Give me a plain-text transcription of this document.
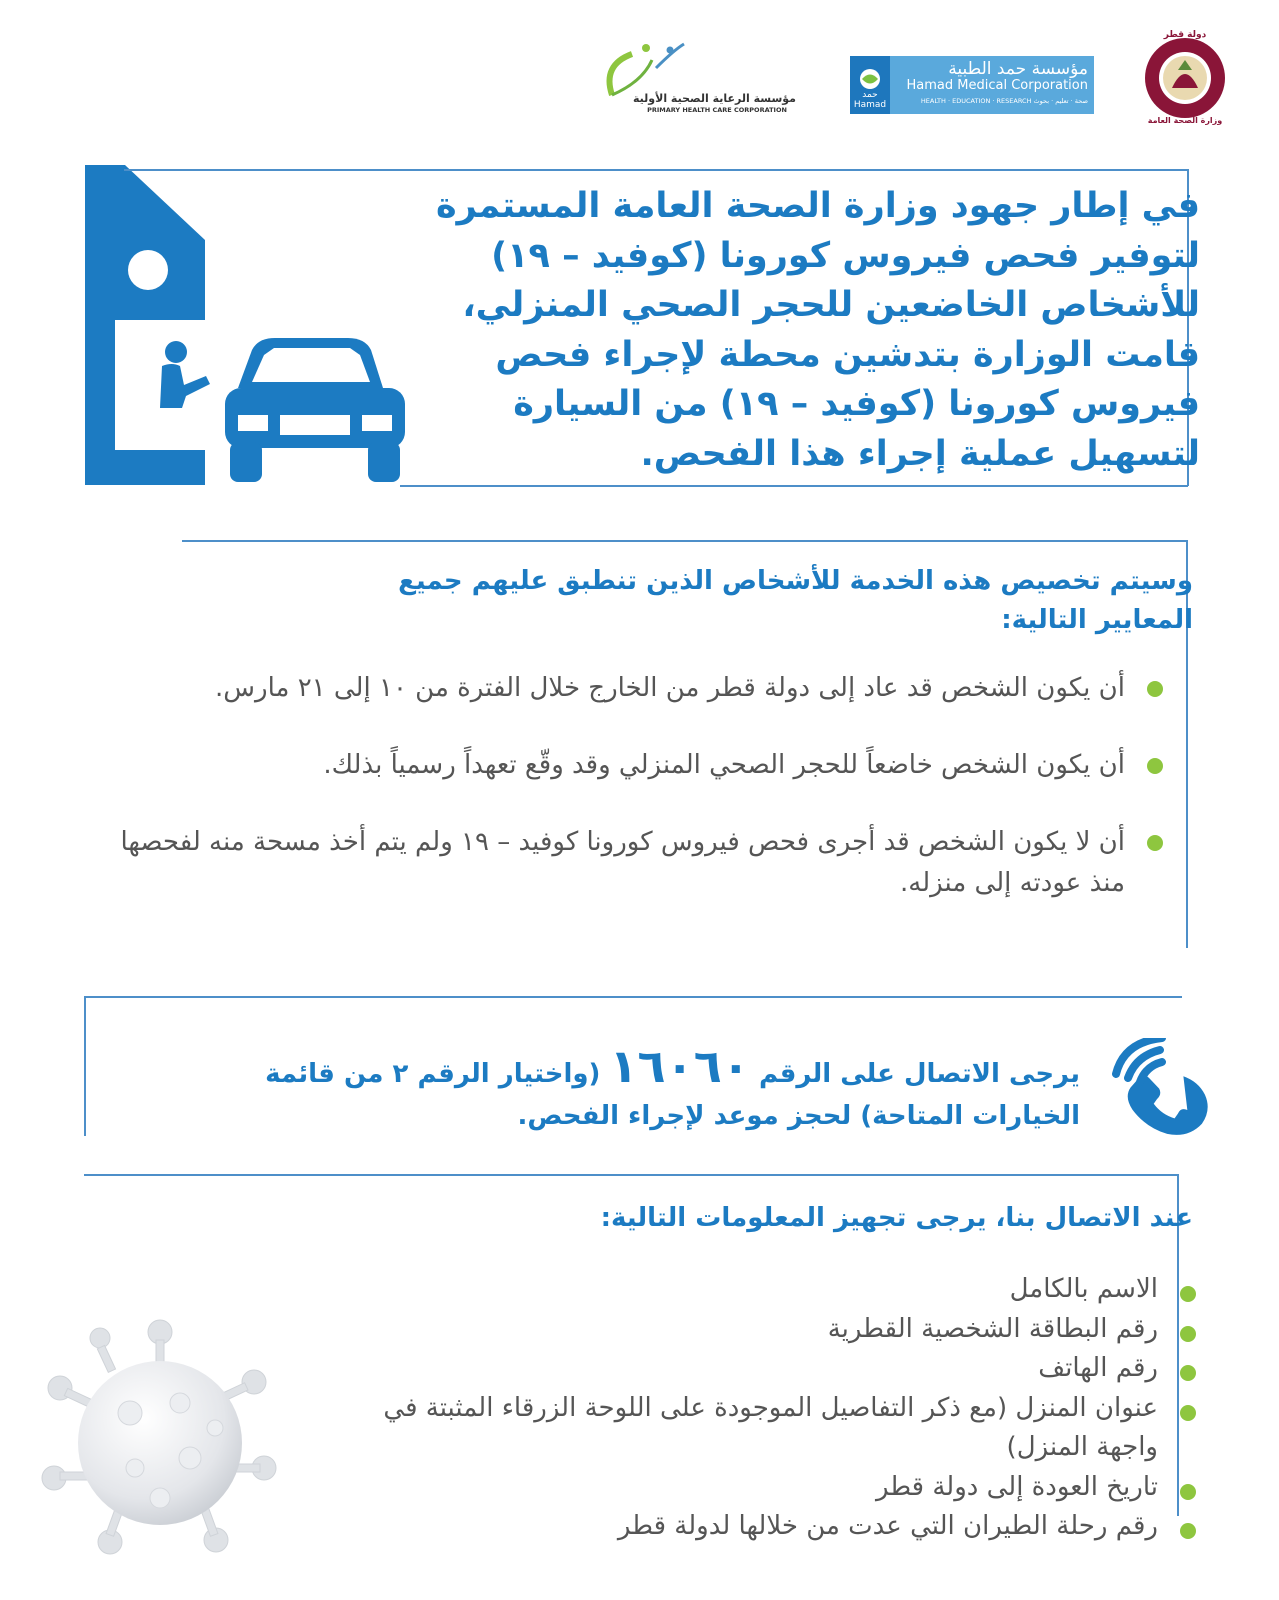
دولة قطر
وزارة الصحة العامة
حمد
Hamad
مؤسسة حمد الطبية
Hamad Medical Corporation
HEALTH · EDUCATION · RESEARCH صحة · تعليم · بحوث
مؤسسة الرعاية الصحية الأولية
PRIMARY HEALTH CARE CORPORATION
في إطار جهود وزارة الصحة العامة المستمرة
لتوفير فحص فيروس كورونا (كوفيد – ١٩)
للأشخاص الخاضعين للحجر الصحي المنزلي،
قامت الوزارة بتدشين محطة لإجراء فحص
فيروس كورونا (كوفيد – ١٩) من السيارة
لتسهيل عملية إجراء هذا الفحص.
وسيتم تخصيص هذه الخدمة للأشخاص الذين تنطبق عليهم جميع
المعايير التالية:
أن يكون الشخص قد عاد إلى دولة قطر من الخارج خلال الفترة من ١٠ إلى ٢١ مارس.
أن يكون الشخص خاضعاً للحجر الصحي المنزلي وقد وقّع تعهداً رسمياً بذلك.
أن لا يكون الشخص قد أجرى فحص فيروس كورونا كوفيد – ١٩ ولم يتم أخذ مسحة منه لفحصها منذ عودته إلى منزله.
يرجى الاتصال على الرقم ١٦٠٦٠ (واختيار الرقم ٢ من قائمة الخيارات المتاحة) لحجز موعد لإجراء الفحص.
عند الاتصال بنا، يرجى تجهيز المعلومات التالية:
الاسم بالكامل
رقم البطاقة الشخصية القطرية
رقم الهاتف
عنوان المنزل (مع ذكر التفاصيل الموجودة على اللوحة الزرقاء المثبتة في واجهة المنزل)
تاريخ العودة إلى دولة قطر
رقم رحلة الطيران التي عدت من خلالها لدولة قطر
